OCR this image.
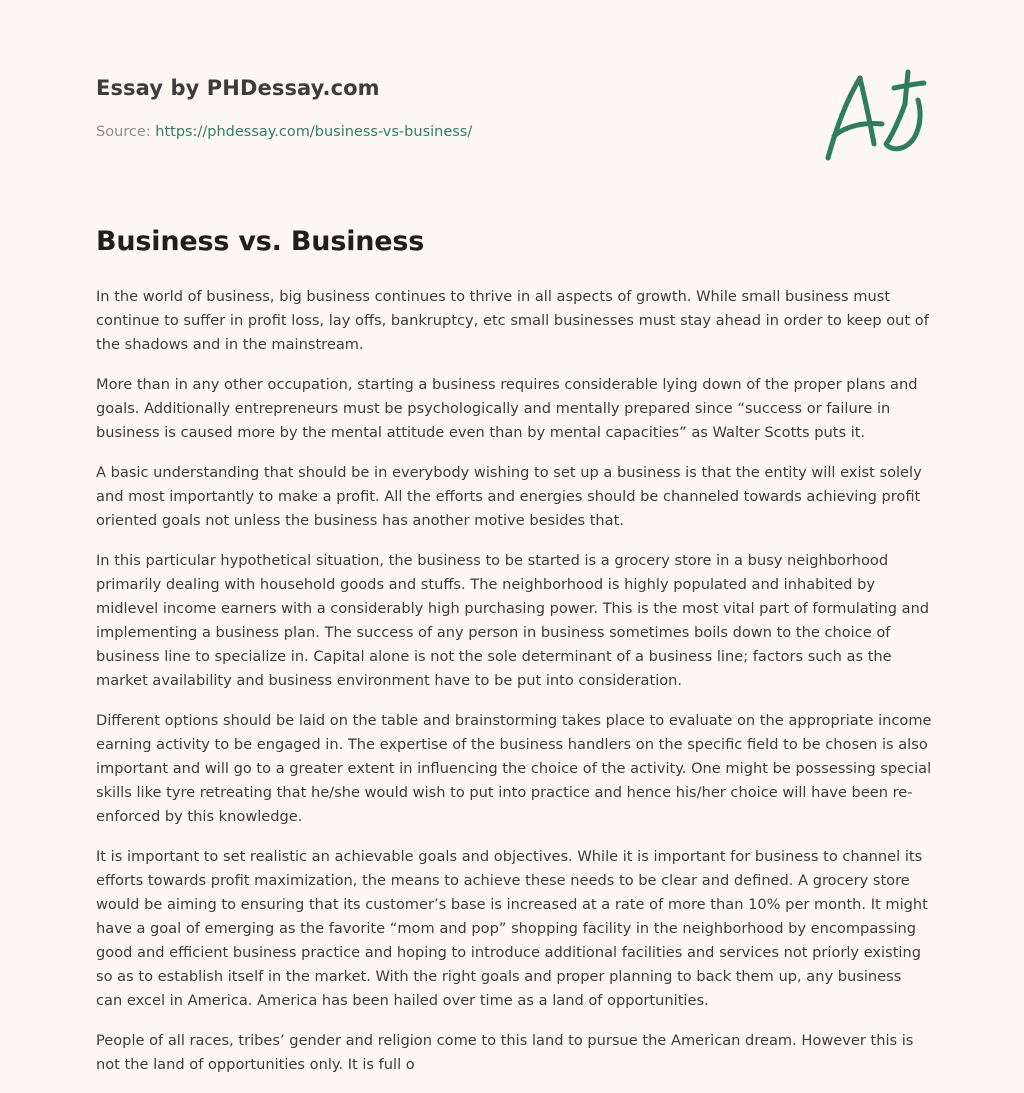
Essay by PHDessay.com
Source: https://phdessay.com/business-vs-business/
Business vs. Business

In the world of business, big business continues to thrive in all aspects of growth. While small business must continue to suffer in profit loss, lay offs, bankruptcy, etc small businesses must stay ahead in order to keep out of the shadows and in the mainstream.

More than in any other occupation, starting a business requires considerable lying down of the proper plans and goals. Additionally entrepreneurs must be psychologically and mentally prepared since “success or failure in business is caused more by the mental attitude even than by mental capacities” as Walter Scotts puts it.

A basic understanding that should be in everybody wishing to set up a business is that the entity will exist solely and most importantly to make a profit. All the efforts and energies should be channeled towards achieving profit oriented goals not unless the business has another motive besides that.

In this particular hypothetical situation, the business to be started is a grocery store in a busy neighborhood primarily dealing with household goods and stuffs. The neighborhood is highly populated and inhabited by midlevel income earners with a considerably high purchasing power. This is the most vital part of formulating and implementing a business plan. The success of any person in business sometimes boils down to the choice of business line to specialize in. Capital alone is not the sole determinant of a business line; factors such as the market availability and business environment have to be put into consideration.

Different options should be laid on the table and brainstorming takes place to evaluate on the appropriate income earning activity to be engaged in. The expertise of the business handlers on the specific field to be chosen is also important and will go to a greater extent in influencing the choice of the activity. One might be possessing special skills like tyre retreating that he/she would wish to put into practice and hence his/her choice will have been re-enforced by this knowledge.

It is important to set realistic an achievable goals and objectives. While it is important for business to channel its efforts towards profit maximization, the means to achieve these needs to be clear and defined. A grocery store would be aiming to ensuring that its customer’s base is increased at a rate of more than 10% per month. It might have a goal of emerging as the favorite “mom and pop” shopping facility in the neighborhood by encompassing good and efficient business practice and hoping to introduce additional facilities and services not priorly existing so as to establish itself in the market. With the right goals and proper planning to back them up, any business can excel in America. America has been hailed over time as a land of opportunities.

People of all races, tribes’ gender and religion come to this land to pursue the American dream. However this is not the land of opportunities only. It is full o
